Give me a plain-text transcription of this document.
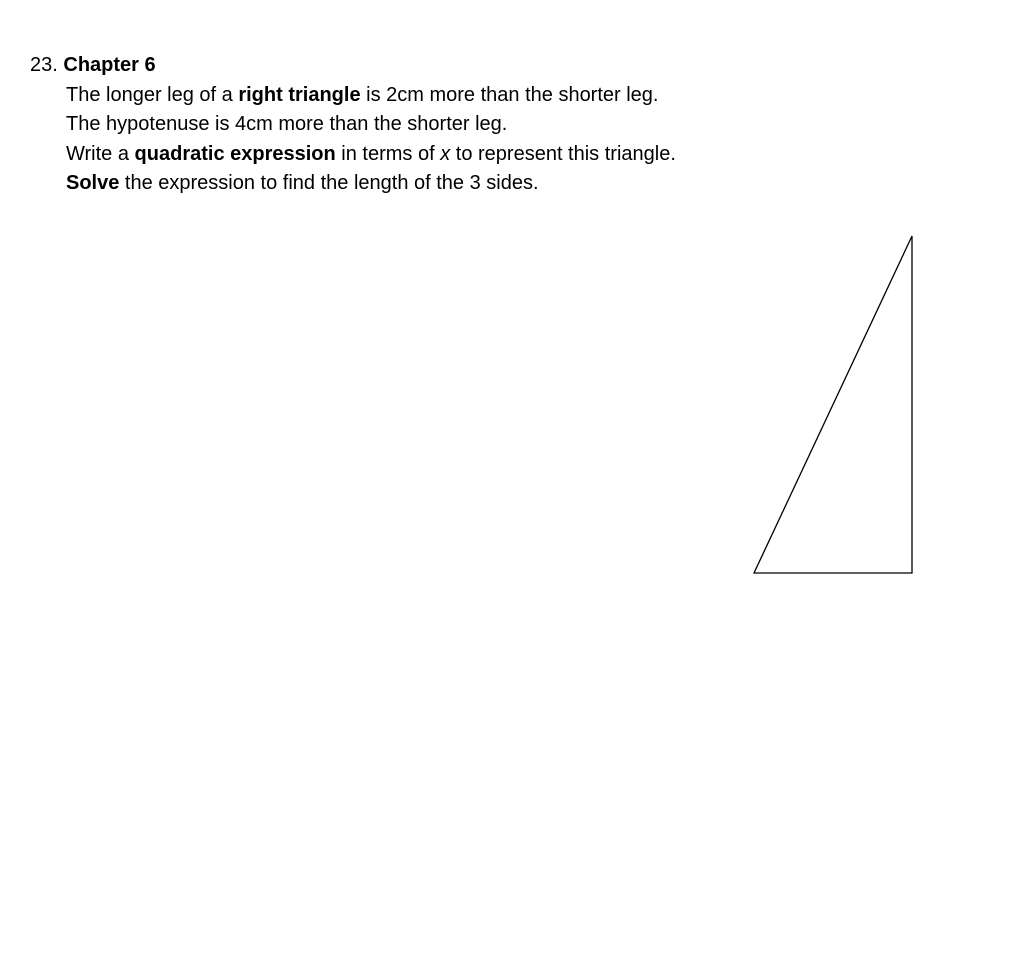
23. Chapter 6
The longer leg of a right triangle is 2cm more than the shorter leg.
The hypotenuse is 4cm more than the shorter leg.
Write a quadratic expression in terms of x to represent this triangle.
Solve the expression to find the length of the 3 sides.
